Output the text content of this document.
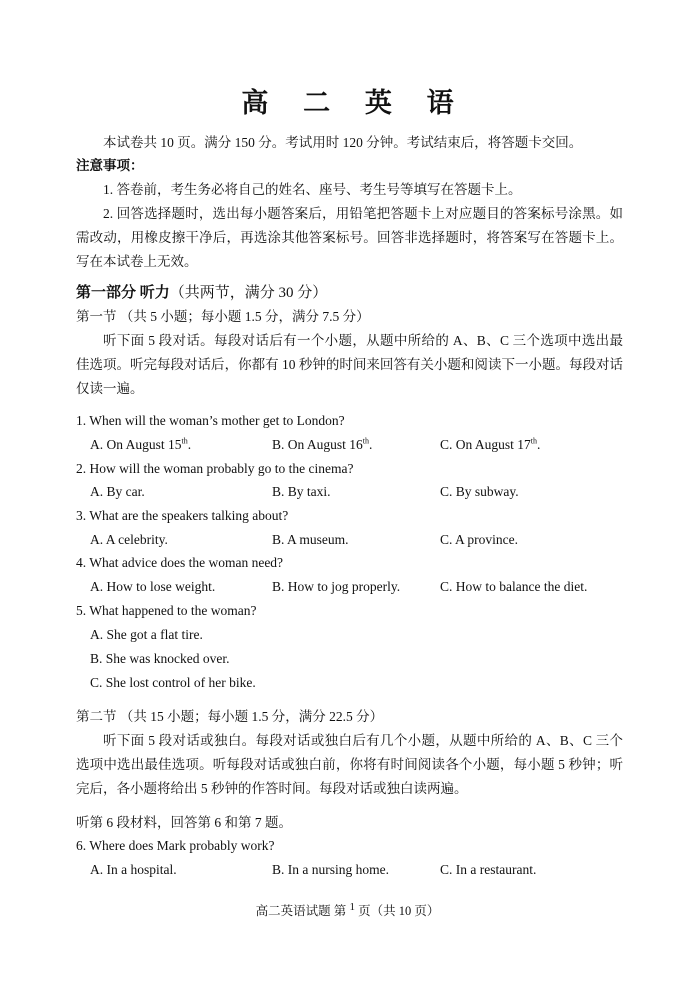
高 二 英 语
本试卷共 10 页。满分 150 分。考试用时 120 分钟。考试结束后，将答题卡交回。
注意事项：
1. 答卷前，考生务必将自己的姓名、座号、考生号等填写在答题卡上。
2. 回答选择题时，选出每小题答案后，用铅笔把答题卡上对应题目的答案标号涂黑。如需改动，用橡皮擦干净后，再选涂其他答案标号。回答非选择题时，将答案写在答题卡上。写在本试卷上无效。
第一部分 听力（共两节，满分 30 分）
第一节 （共 5 小题；每小题 1.5 分，满分 7.5 分）
听下面 5 段对话。每段对话后有一个小题，从题中所给的 A、B、C 三个选项中选出最佳选项。听完每段对话后，你都有 10 秒钟的时间来回答有关小题和阅读下一小题。每段对话仅读一遍。
1. When will the woman’s mother get to London?
A. On August 15th.	B. On August 16th.	C. On August 17th.
2. How will the woman probably go to the cinema?
A. By car.	B. By taxi.	C. By subway.
3. What are the speakers talking about?
A. A celebrity.	B. A museum.	C. A province.
4. What advice does the woman need?
A. How to lose weight.	B. How to jog properly.	C. How to balance the diet.
5. What happened to the woman?
A. She got a flat tire.
B. She was knocked over.
C. She lost control of her bike.
第二节 （共 15 小题；每小题 1.5 分，满分 22.5 分）
听下面 5 段对话或独白。每段对话或独白后有几个小题，从题中所给的 A、B、C 三个选项中选出最佳选项。听每段对话或独白前，你将有时间阅读各个小题，每小题 5 秒钟；听完后，各小题将给出 5 秒钟的作答时间。每段对话或独白读两遍。
听第 6 段材料，回答第 6 和第 7 题。
6. Where does Mark probably work?
A. In a hospital.	B. In a nursing home.	C. In a restaurant.
高二英语试题 第 $^1$ 页（共 10 页）
